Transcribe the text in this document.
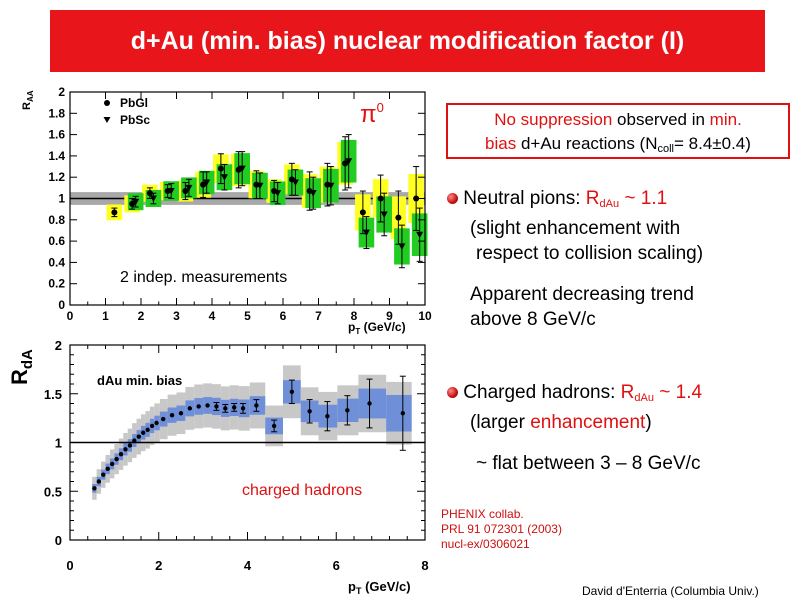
d+Au (min. bias) nuclear modification factor (I)
0 1 2 3 4 5 6 7 8 9 10
0
0.2
0.4
0.6
0.8
1
1.2
1.4
1.6
1.8
2
$R_{AA}$
$p_T$ (GeV/c)
PbGl
PbSc	$\pi^0$
2 indep. measurements
0	2	4	6	8
0
0.5
1
1.5
2
$R_{dA}$
$p_T$ (GeV/c)
dAu min. bias
charged hadrons
No suppression observed in min.
bias d+Au reactions $(N_{coll}= 8.4\pm 0.4)$
Neutral pions: $R_{dAu}$ ~ 1.1
(slight enhancement with
respect to collision scaling)
Apparent decreasing trend
above 8 GeV/c
Charged hadrons: $R_{dAu}$ ~ 1.4
(larger enhancement)
~ flat between 3 – 8 GeV/c
PHENIX collab.
PRL 91 072301 (2003)
nucl-ex/0306021
David d'Enterria (Columbia Univ.)
